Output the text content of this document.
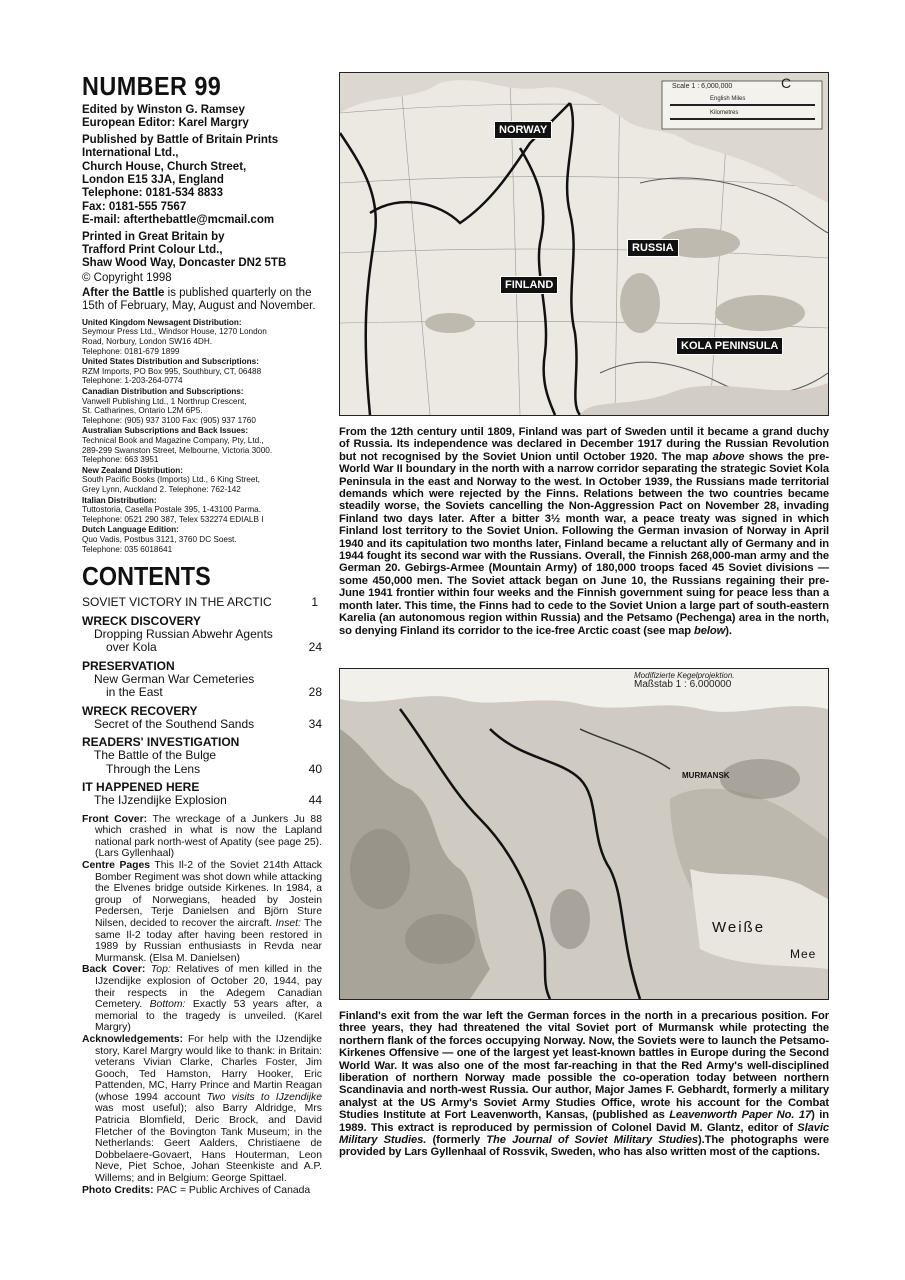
NUMBER 99
Edited by Winston G. Ramsey
European Editor: Karel Margry
Published by Battle of Britain Prints
International Ltd.,
Church House, Church Street,
London E15 3JA, England
Telephone: 0181-534 8833
Fax: 0181-555 7567
E-mail: afterthebattle@mcmail.com
Printed in Great Britain by
Trafford Print Colour Ltd.,
Shaw Wood Way, Doncaster DN2 5TB
© Copyright 1998
After the Battle is published quarterly on the 15th of February, May, August and November.
United Kingdom Newsagent Distribution:
Seymour Press Ltd., Windsor House, 1270 London
Road, Norbury, London SW16 4DH.
Telephone: 0181-679 1899
United States Distribution and Subscriptions:
RZM Imports, PO Box 995, Southbury, CT, 06488
Telephone: 1-203-264-0774
Canadian Distribution and Subscriptions:
Vanwell Publishing Ltd., 1 Northrup Crescent,
St. Catharines, Ontario L2M 6P5.
Telephone: (905) 937 3100 Fax: (905) 937 1760
Australian Subscriptions and Back Issues:
Technical Book and Magazine Company, Pty, Ltd.,
289-299 Swanston Street, Melbourne, Victoria 3000.
Telephone: 663 3951
New Zealand Distribution:
South Pacific Books (Imports) Ltd., 6 King Street,
Grey Lynn, Auckland 2. Telephone: 762-142
Italian Distribution:
Tuttostoria, Casella Postale 395, 1-43100 Parma.
Telephone: 0521 290 387, Telex 532274 EDIALB I
Dutch Language Edition:
Quo Vadis, Postbus 3121, 3760 DC Soest.
Telephone: 035 6018641
CONTENTS
SOVIET VICTORY IN THE ARCTIC	1
WRECK DISCOVERY
Dropping Russian Abwehr Agents
over Kola	24
PRESERVATION
New German War Cemeteries
in the East	28
WRECK RECOVERY
Secret of the Southend Sands	34
READERS' INVESTIGATION
The Battle of the Bulge
Through the Lens	40
IT HAPPENED HERE
The IJzendijke Explosion	44
Front Cover: The wreckage of a Junkers Ju 88 which crashed in what is now the Lapland national park north-west of Apatity (see page 25). (Lars Gyllenhaal)
Centre Pages This Il-2 of the Soviet 214th Attack Bomber Regiment was shot down while attacking the Elvenes bridge outside Kirkenes. In 1984, a group of Norwegians, headed by Jostein Pedersen, Terje Danielsen and Björn Sture Nilsen, decided to recover the aircraft. Inset: The same Il-2 today after having been restored in 1989 by Russian enthusiasts in Revda near Murmansk. (Elsa M. Danielsen)
Back Cover: Top: Relatives of men killed in the IJzendijke explosion of October 20, 1944, pay their respects in the Adegem Canadian Cemetery. Bottom: Exactly 53 years after, a memorial to the tragedy is unveiled. (Karel Margry)
Acknowledgements: For help with the IJzendijke story, Karel Margry would like to thank: in Britain: veterans Vivian Clarke, Charles Foster, Jim Gooch, Ted Hamston, Harry Hooker, Eric Pattenden, MC, Harry Prince and Martin Reagan (whose 1994 account Two visits to IJzendijke was most useful); also Barry Aldridge, Mrs Patricia Blomfield, Deric Brock, and David Fletcher of the Bovington Tank Museum; in the Netherlands: Geert Aalders, Christiaene de Dobbelaere-Govaert, Hans Houterman, Leon Neve, Piet Schoe, Johan Steenkiste and A.P. Willems; and in Belgium: George Spittael.
Photo Credits: PAC = Public Archives of Canada
Scale 1 : 6,000,000
English Miles
Kilometres
C
NORWAY
RUSSIA
FINLAND
KOLA PENINSULA
From the 12th century until 1809, Finland was part of Sweden until it became a grand duchy of Russia. Its independence was declared in December 1917 during the Russian Revolution but not recognised by the Soviet Union until October 1920. The map above shows the pre-World War II boundary in the north with a narrow corridor separating the strategic Soviet Kola Peninsula in the east and Norway to the west. In October 1939, the Russians made territorial demands which were rejected by the Finns. Relations between the two countries became steadily worse, the Soviets cancelling the Non-Aggression Pact on November 28, invading Finland two days later. After a bitter 3½ month war, a peace treaty was signed in which Finland lost territory to the Soviet Union. Following the German invasion of Norway in April 1940 and its capitulation two months later, Finland became a reluctant ally of Germany and in 1944 fought its second war with the Russians. Overall, the Finnish 268,000-man army and the German 20. Gebirgs-Armee (Mountain Army) of 180,000 troops faced 45 Soviet divisions — some 450,000 men. The Soviet attack began on June 10, the Russians regaining their pre-June 1941 frontier within four weeks and the Finnish government suing for peace less than a month later. This time, the Finns had to cede to the Soviet Union a large part of south-eastern Karelia (an autonomous region within Russia) and the Petsamo (Pechenga) area in the north, so denying Finland its corridor to the ice-free Arctic coast (see map below).
Modifizierte Kegelprojektion.
Maßstab 1 : 6.000000
MURMANSK
Weiße
Mee
Finland's exit from the war left the German forces in the north in a precarious position. For three years, they had threatened the vital Soviet port of Murmansk while protecting the northern flank of the forces occupying Norway. Now, the Soviets were to launch the Petsamo-Kirkenes Offensive — one of the largest yet least-known battles in Europe during the Second World War. It was also one of the most far-reaching in that the Red Army's well-disciplined liberation of northern Norway made possible the co-operation today between northern Scandinavia and north-west Russia. Our author, Major James F. Gebhardt, formerly a military analyst at the US Army's Soviet Army Studies Office, wrote his account for the Combat Studies Institute at Fort Leavenworth, Kansas, (published as Leavenworth Paper No. 17) in 1989. This extract is reproduced by permission of Colonel David M. Glantz, editor of Slavic Military Studies. (formerly The Journal of Soviet Military Studies).The photographs were provided by Lars Gyllenhaal of Rossvik, Sweden, who has also written most of the captions.
